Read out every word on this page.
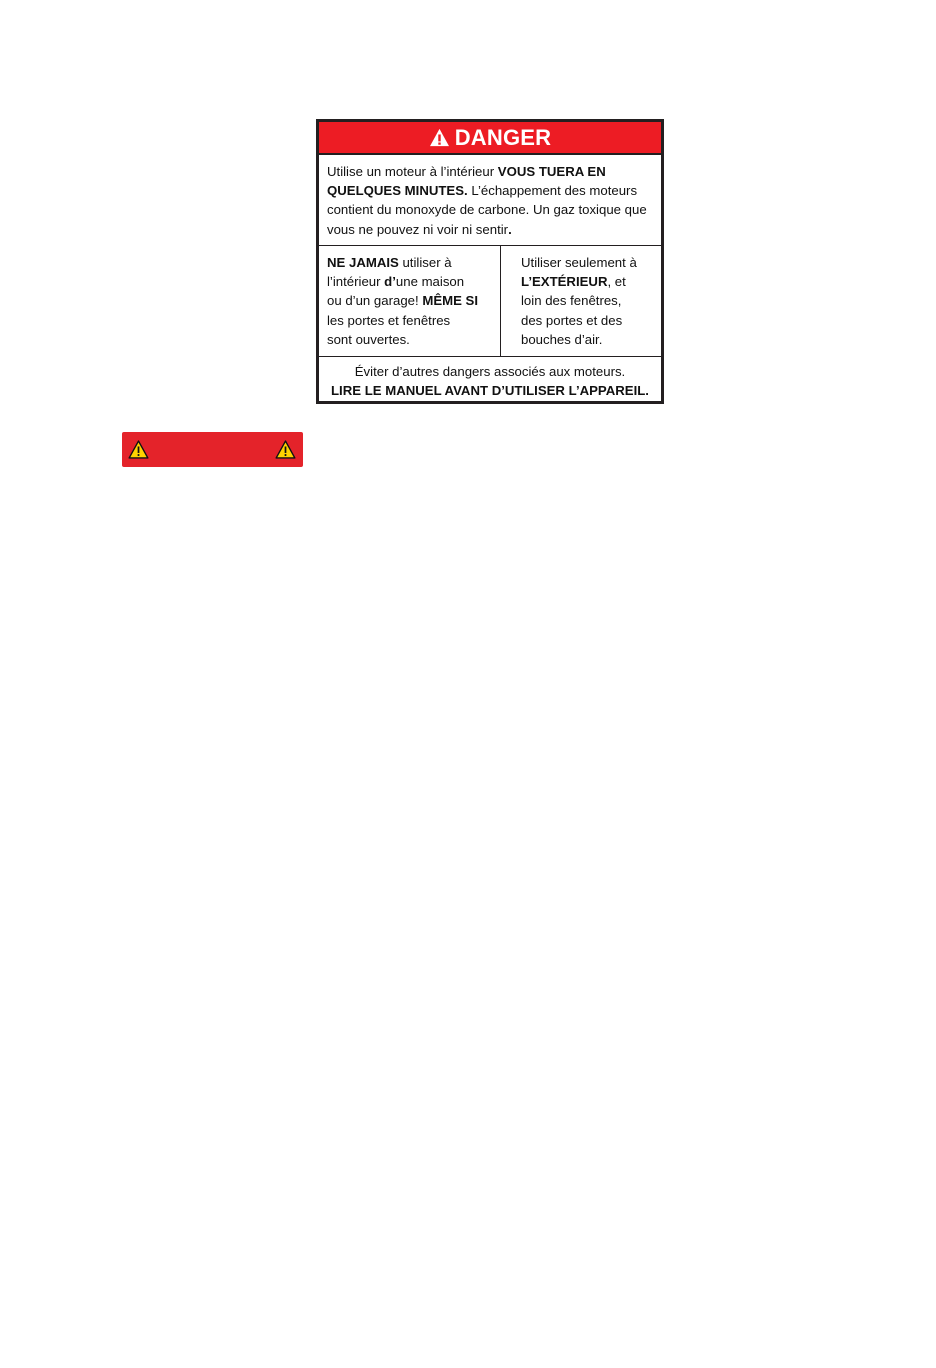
DANGER
Utilise un moteur à l’intérieur VOUS TUERA EN
QUELQUES MINUTES. L’échappement des moteurs
contient du monoxyde de carbone. Un gaz toxique que
vous ne pouvez ni voir ni sentir.
NE JAMAIS utiliser à
l’intérieur d’une maison
ou d’un garage! MÊME SI
les portes et fenêtres
sont ouvertes.
Utiliser seulement à
L’EXTÉRIEUR, et
loin des fenêtres,
des portes et des
bouches d’air.
Éviter d’autres dangers associés aux moteurs.
LIRE LE MANUEL AVANT D’UTILISER L’APPAREIL.
